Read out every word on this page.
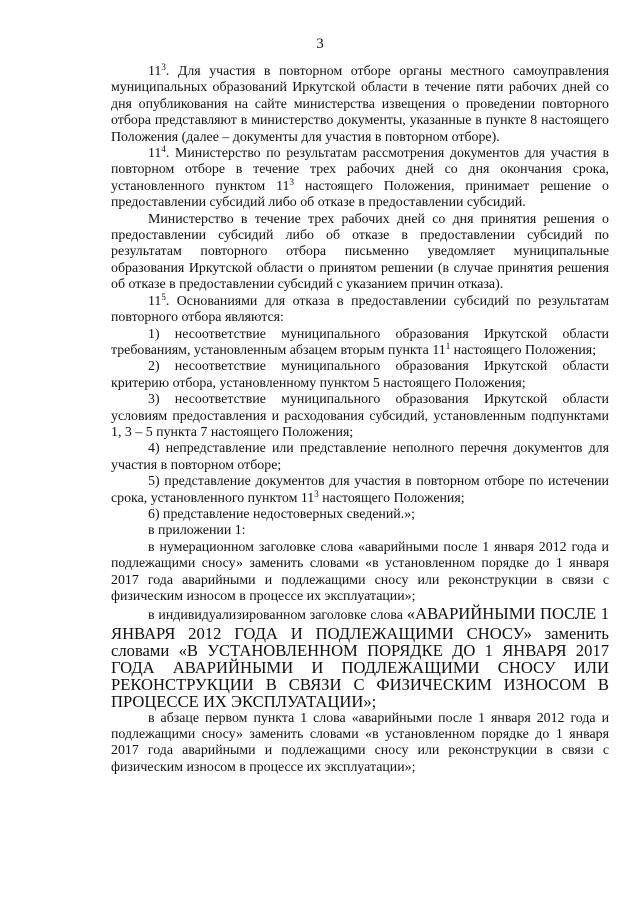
3

$11^3$. Для участия в повторном отборе органы местного самоуправления муниципальных образований Иркутской области в течение пяти рабочих дней со дня опубликования на сайте министерства извещения о проведении повторного отбора представляют в министерство документы, указанные в пункте 8 настоящего Положения (далее – документы для участия в повторном отборе).

$11^4$. Министерство по результатам рассмотрения документов для участия в повторном отборе в течение трех рабочих дней со дня окончания срока, установленного пунктом $11^3$ настоящего Положения, принимает решение о предоставлении субсидий либо об отказе в предоставлении субсидий.

Министерство в течение трех рабочих дней со дня принятия решения о предоставлении субсидий либо об отказе в предоставлении субсидий по результатам повторного отбора письменно уведомляет муниципальные образования Иркутской области о принятом решении (в случае принятия решения об отказе в предоставлении субсидий с указанием причин отказа).

$11^5$. Основаниями для отказа в предоставлении субсидий по результатам повторного отбора являются:

1) несоответствие муниципального образования Иркутской области требованиям, установленным абзацем вторым пункта $11^1$ настоящего Положения;

2) несоответствие муниципального образования Иркутской области критерию отбора, установленному пунктом 5 настоящего Положения;

3) несоответствие муниципального образования Иркутской области условиям предоставления и расходования субсидий, установленным подпунктами 1, 3 – 5 пункта 7 настоящего Положения;

4) непредставление или представление неполного перечня документов для участия в повторном отборе;

5) представление документов для участия в повторном отборе по истечении срока, установленного пунктом $11^3$ настоящего Положения;

6) представление недостоверных сведений.»;

в приложении 1:

в нумерационном заголовке слова «аварийными после 1 января 2012 года и подлежащими сносу» заменить словами «в установленном порядке до 1 января 2017 года аварийными и подлежащими сносу или реконструкции в связи с физическим износом в процессе их эксплуатации»;

в индивидуализированном заголовке слова «АВАРИЙНЫМИ ПОСЛЕ 1 ЯНВАРЯ 2012 ГОДА И ПОДЛЕЖАЩИМИ СНОСУ» заменить словами «В УСТАНОВЛЕННОМ ПОРЯДКЕ ДО 1 ЯНВАРЯ 2017 ГОДА АВАРИЙНЫМИ И ПОДЛЕЖАЩИМИ СНОСУ ИЛИ РЕКОНСТРУКЦИИ В СВЯЗИ С ФИЗИЧЕСКИМ ИЗНОСОМ В ПРОЦЕССЕ ИХ ЭКСПЛУАТАЦИИ»;

в абзаце первом пункта 1 слова «аварийными после 1 января 2012 года и подлежащими сносу» заменить словами «в установленном порядке до 1 января 2017 года аварийными и подлежащими сносу или реконструкции в связи с физическим износом в процессе их эксплуатации»;
